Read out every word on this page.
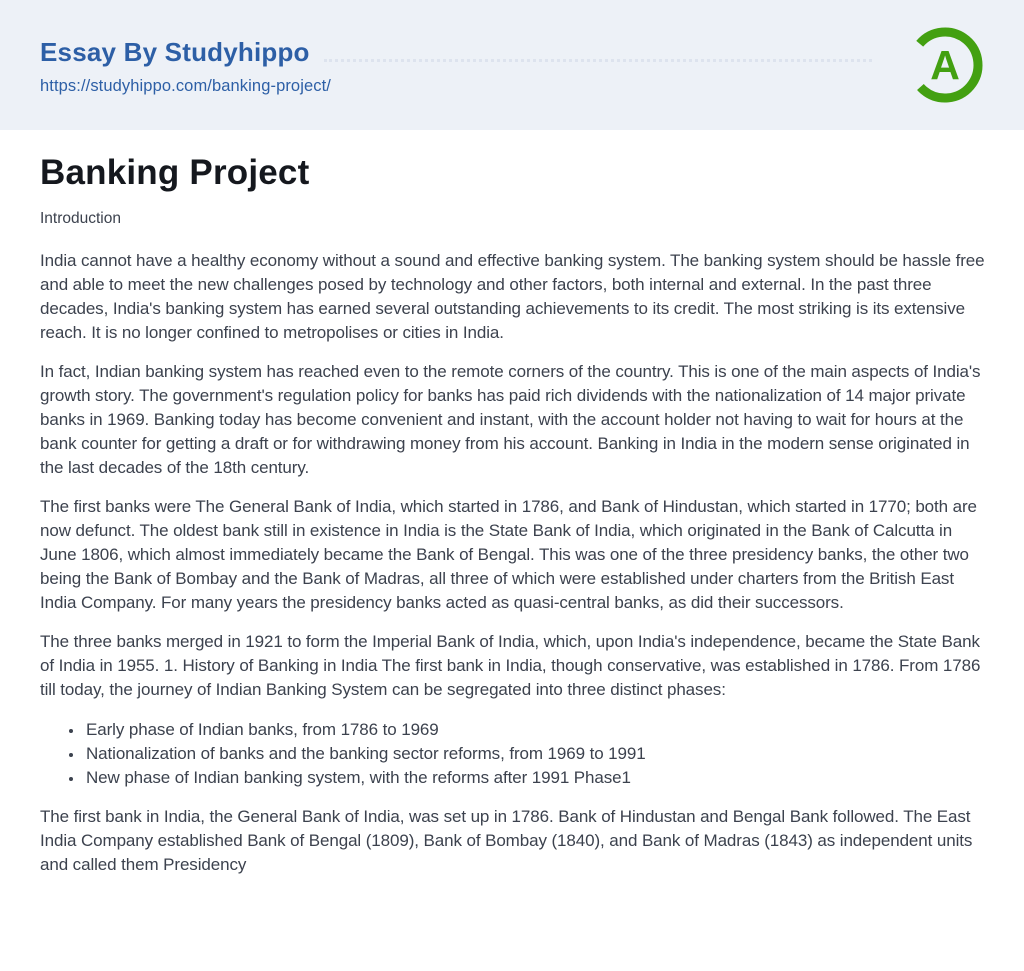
Essay By Studyhippo
https://studyhippo.com/banking-project/	A
Banking Project
Introduction

India cannot have a healthy economy without a sound and effective banking system. The banking system should be hassle free and able to meet the new challenges posed by technology and other factors, both internal and external. In the past three decades, India's banking system has earned several outstanding achievements to its credit. The most striking is its extensive reach. It is no longer confined to metropolises or cities in India.

In fact, Indian banking system has reached even to the remote corners of the country. This is one of the main aspects of India's growth story. The government's regulation policy for banks has paid rich dividends with the nationalization of 14 major private banks in 1969. Banking today has become convenient and instant, with the account holder not having to wait for hours at the bank counter for getting a draft or for withdrawing money from his account. Banking in India in the modern sense originated in the last decades of the 18th century.

The first banks were The General Bank of India, which started in 1786, and Bank of Hindustan, which started in 1770; both are now defunct. The oldest bank still in existence in India is the State Bank of India, which originated in the Bank of Calcutta in June 1806, which almost immediately became the Bank of Bengal. This was one of the three presidency banks, the other two being the Bank of Bombay and the Bank of Madras, all three of which were established under charters from the British East India Company. For many years the presidency banks acted as quasi-central banks, as did their successors.

The three banks merged in 1921 to form the Imperial Bank of India, which, upon India's independence, became the State Bank of India in 1955. 1. History of Banking in India The first bank in India, though conservative, was established in 1786. From 1786 till today, the journey of Indian Banking System can be segregated into three distinct phases:

• Early phase of Indian banks, from 1786 to 1969
• Nationalization of banks and the banking sector reforms, from 1969 to 1991
• New phase of Indian banking system, with the reforms after 1991 Phase1

The first bank in India, the General Bank of India, was set up in 1786. Bank of Hindustan and Bengal Bank followed. The East India Company established Bank of Bengal (1809), Bank of Bombay (1840), and Bank of Madras (1843) as independent units and called them Presidency
